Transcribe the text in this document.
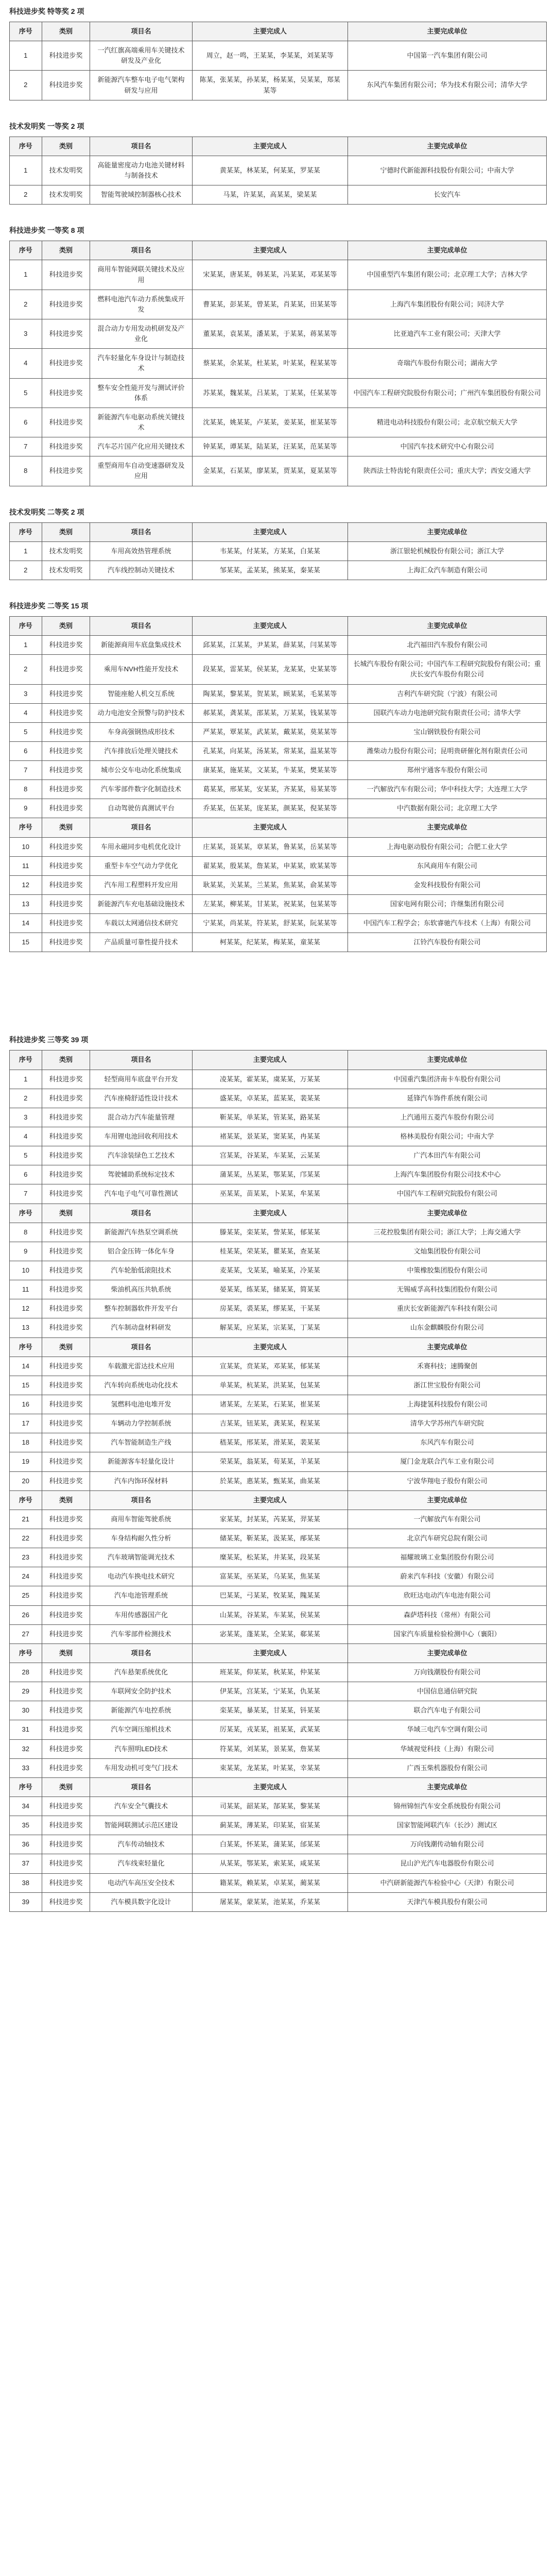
科技进步奖 特等奖 2 项
序号	类别	项目名	主要完成人	主要完成单位
1	科技进步奖	一汽红旗高端乘用车关键技术研发及产业化	周立，赵一鸣，王某某，李某某，刘某某等	中国第一汽车集团有限公司
2	科技进步奖	新能源汽车整车电子电气架构研发与应用	陈某，张某某，孙某某，杨某某，吴某某，郑某某等	东风汽车集团有限公司；华为技术有限公司；清华大学
技术发明奖 一等奖 2 项
序号	类别	项目名	主要完成人	主要完成单位
1	技术发明奖	高能量密度动力电池关键材料与制备技术	黄某某，林某某，何某某，罗某某	宁德时代新能源科技股份有限公司；中南大学
2	技术发明奖	智能驾驶域控制器核心技术	马某，许某某，高某某，梁某某	长安汽车
科技进步奖 一等奖 8 项
序号	类别	项目名	主要完成人	主要完成单位
1	科技进步奖	商用车智能网联关键技术及应用	宋某某，唐某某，韩某某，冯某某，邓某某等	中国重型汽车集团有限公司；北京理工大学；吉林大学
2	科技进步奖	燃料电池汽车动力系统集成开发	曹某某，彭某某，曾某某，肖某某，田某某等	上海汽车集团股份有限公司；同济大学
3	科技进步奖	混合动力专用发动机研发及产业化	董某某，袁某某，潘某某，于某某，蒋某某等	比亚迪汽车工业有限公司；天津大学
4	科技进步奖	汽车轻量化车身设计与制造技术	蔡某某，余某某，杜某某，叶某某，程某某等	奇瑞汽车股份有限公司；湖南大学
5	科技进步奖	整车安全性能开发与测试评价体系	苏某某，魏某某，吕某某，丁某某，任某某等	中国汽车工程研究院股份有限公司；广州汽车集团股份有限公司
6	科技进步奖	新能源汽车电驱动系统关键技术	沈某某，姚某某，卢某某，姜某某，崔某某等	精进电动科技股份有限公司；北京航空航天大学
7	科技进步奖	汽车芯片国产化应用关键技术	钟某某，谭某某，陆某某，汪某某，范某某等	中国汽车技术研究中心有限公司
8	科技进步奖	重型商用车自动变速器研发及应用	金某某，石某某，廖某某，贾某某，夏某某等	陕西法士特齿轮有限责任公司；重庆大学；西安交通大学
技术发明奖 二等奖 2 项
序号	类别	项目名	主要完成人	主要完成单位
1	技术发明奖	车用高效热管理系统	韦某某，付某某，方某某，白某某	浙江银轮机械股份有限公司；浙江大学
2	技术发明奖	汽车线控制动关键技术	邹某某，孟某某，熊某某，秦某某	上海汇众汽车制造有限公司
科技进步奖 二等奖 15 项
序号	类别	项目名	主要完成人	主要完成单位
1	科技进步奖	新能源商用车底盘集成技术	邱某某，江某某，尹某某，薛某某，闫某某等	北汽福田汽车股份有限公司
2	科技进步奖	乘用车NVH性能开发技术	段某某，雷某某，侯某某，龙某某，史某某等	长城汽车股份有限公司；中国汽车工程研究院股份有限公司；重庆长安汽车股份有限公司
3	科技进步奖	智能座舱人机交互系统	陶某某，黎某某，贺某某，顾某某，毛某某等	吉利汽车研究院（宁波）有限公司
4	科技进步奖	动力电池安全预警与防护技术	郝某某，龚某某，邵某某，万某某，钱某某等	国联汽车动力电池研究院有限责任公司；清华大学
5	科技进步奖	车身高强钢热成形技术	严某某，覃某某，武某某，戴某某，莫某某等	宝山钢铁股份有限公司
6	科技进步奖	汽车排放后处理关键技术	孔某某，向某某，汤某某，常某某，温某某等	潍柴动力股份有限公司；昆明贵研催化剂有限责任公司
7	科技进步奖	城市公交车电动化系统集成	康某某，施某某，文某某，牛某某，樊某某等	郑州宇通客车股份有限公司
8	科技进步奖	汽车零部件数字化制造技术	葛某某，邢某某，安某某，齐某某，易某某等	一汽解放汽车有限公司；华中科技大学；大连理工大学
9	科技进步奖	自动驾驶仿真测试平台	乔某某，伍某某，庞某某，颜某某，倪某某等	中汽数据有限公司；北京理工大学
序号	类别	项目名	主要完成人	主要完成单位
10	科技进步奖	车用永磁同步电机优化设计	庄某某，聂某某，章某某，鲁某某，岳某某等	上海电驱动股份有限公司；合肥工业大学
11	科技进步奖	重型卡车空气动力学优化	翟某某，殷某某，詹某某，申某某，欧某某等	东风商用车有限公司
12	科技进步奖	汽车用工程塑料开发应用	耿某某，关某某，兰某某，焦某某，俞某某等	金发科技股份有限公司
13	科技进步奖	新能源汽车充电基础设施技术	左某某，柳某某，甘某某，祝某某，包某某等	国家电网有限公司；许继集团有限公司
14	科技进步奖	车载以太网通信技术研究	宁某某，尚某某，符某某，舒某某，阮某某等	中国汽车工程学会；东软睿驰汽车技术（上海）有限公司
15	科技进步奖	产品质量可靠性提升技术	柯某某，纪某某，梅某某，童某某	江铃汽车股份有限公司
科技进步奖 三等奖 39 项
序号	类别	项目名	主要完成人	主要完成单位
1	科技进步奖	轻型商用车底盘平台开发	凌某某，霍某某，虞某某，万某某	中国重汽集团济南卡车股份有限公司
2	科技进步奖	汽车座椅舒适性设计技术	盛某某，卓某某，蓝某某，裴某某	延锋汽车饰件系统有限公司
3	科技进步奖	混合动力汽车能量管理	靳某某，单某某，管某某，路某某	上汽通用五菱汽车股份有限公司
4	科技进步奖	车用锂电池回收利用技术	褚某某，景某某，窦某某，冉某某	格林美股份有限公司；中南大学
5	科技进步奖	汽车涂装绿色工艺技术	宫某某，谷某某，车某某，云某某	广汽本田汽车有限公司
6	科技进步奖	驾驶辅助系统标定技术	蒲某某，丛某某，鄂某某，邝某某	上海汽车集团股份有限公司技术中心
7	科技进步奖	汽车电子电气可靠性测试	巫某某，苗某某，卜某某，牟某某	中国汽车工程研究院股份有限公司
序号	类别	项目名	主要完成人	主要完成单位
8	科技进步奖	新能源汽车热泵空调系统	滕某某，栾某某，訾某某，郁某某	三花控股集团有限公司；浙江大学；上海交通大学
9	科技进步奖	铝合金压铸一体化车身	桂某某，荣某某，瞿某某，查某某	文灿集团股份有限公司
10	科技进步奖	汽车轮胎低滚阻技术	麦某某，戈某某，喻某某，冷某某	中策橡胶集团股份有限公司
11	科技进步奖	柴油机高压共轨系统	晏某某，练某某，储某某，简某某	无锡威孚高科技集团股份有限公司
12	科技进步奖	整车控制器软件开发平台	房某某，裘某某，缪某某，干某某	重庆长安新能源汽车科技有限公司
13	科技进步奖	汽车制动盘材料研发	解某某，应某某，宗某某，丁某某	山东金麒麟股份有限公司
序号	类别	项目名	主要完成人	主要完成单位
14	科技进步奖	车载激光雷达技术应用	宣某某，贲某某，邓某某，郁某某	禾赛科技；速腾聚创
15	科技进步奖	汽车转向系统电动化技术	单某某，杭某某，洪某某，包某某	浙江世宝股份有限公司
16	科技进步奖	氢燃料电池电堆开发	诸某某，左某某，石某某，崔某某	上海捷氢科技股份有限公司
17	科技进步奖	车辆动力学控制系统	吉某某，钮某某，龚某某，程某某	清华大学苏州汽车研究院
18	科技进步奖	汽车智能制造生产线	嵇某某，邢某某，滑某某，裴某某	东风汽车有限公司
19	科技进步奖	新能源客车轻量化设计	荣某某，翁某某，荀某某，羊某某	厦门金龙联合汽车工业有限公司
20	科技进步奖	汽车内饰环保材料	於某某，惠某某，甄某某，曲某某	宁波华翔电子股份有限公司
序号	类别	项目名	主要完成人	主要完成单位
21	科技进步奖	商用车智能驾驶系统	家某某，封某某，芮某某，羿某某	一汽解放汽车有限公司
22	科技进步奖	车身结构耐久性分析	储某某，靳某某，汲某某，邴某某	北京汽车研究总院有限公司
23	科技进步奖	汽车玻璃智能调光技术	糜某某，松某某，井某某，段某某	福耀玻璃工业集团股份有限公司
24	科技进步奖	电动汽车换电技术研究	富某某，巫某某，乌某某，焦某某	蔚来汽车科技（安徽）有限公司
25	科技进步奖	汽车电池管理系统	巴某某，弓某某，牧某某，隗某某	欣旺达电动汽车电池有限公司
26	科技进步奖	车用传感器国产化	山某某，谷某某，车某某，侯某某	森萨塔科技（常州）有限公司
27	科技进步奖	汽车零部件检测技术	宓某某，蓬某某，全某某，郗某某	国家汽车质量检验检测中心（襄阳）
序号	类别	项目名	主要完成人	主要完成单位
28	科技进步奖	汽车悬架系统优化	班某某，仰某某，秋某某，仲某某	万向钱潮股份有限公司
29	科技进步奖	车联网安全防护技术	伊某某，宫某某，宁某某，仇某某	中国信息通信研究院
30	科技进步奖	新能源汽车电控系统	栾某某，暴某某，甘某某，钭某某	联合汽车电子有限公司
31	科技进步奖	汽车空调压缩机技术	厉某某，戎某某，祖某某，武某某	华域三电汽车空调有限公司
32	科技进步奖	汽车照明LED技术	符某某，刘某某，景某某，詹某某	华域视觉科技（上海）有限公司
33	科技进步奖	车用发动机可变气门技术	束某某，龙某某，叶某某，幸某某	广西玉柴机器股份有限公司
序号	类别	项目名	主要完成人	主要完成单位
34	科技进步奖	汽车安全气囊技术	司某某，韶某某，郜某某，黎某某	锦州锦恒汽车安全系统股份有限公司
35	科技进步奖	智能网联测试示范区建设	蓟某某，薄某某，印某某，宿某某	国家智能网联汽车（长沙）测试区
36	科技进步奖	汽车传动轴技术	白某某，怀某某，蒲某某，邰某某	万向钱潮传动轴有限公司
37	科技进步奖	汽车线束轻量化	从某某，鄂某某，索某某，咸某某	昆山沪光汽车电器股份有限公司
38	科技进步奖	电动汽车高压安全技术	籍某某，赖某某，卓某某，蔺某某	中汽研新能源汽车检验中心（天津）有限公司
39	科技进步奖	汽车模具数字化设计	屠某某，蒙某某，池某某，乔某某	天津汽车模具股份有限公司
